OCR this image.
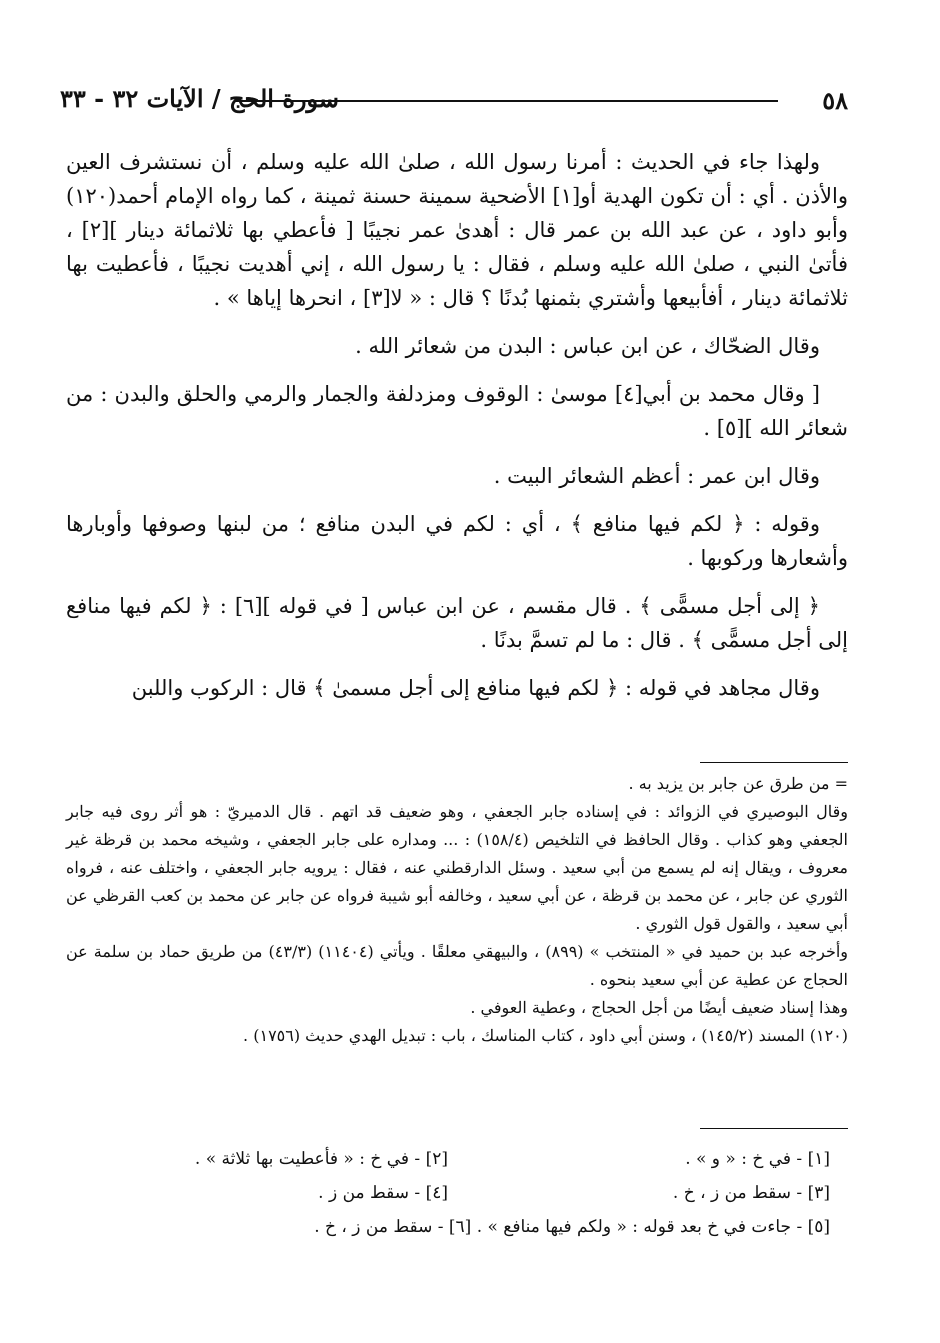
٥٨
سورة الحج / الآيات ٣٢ - ٣٣

ولهذا جاء في الحديث : أمرنا رسول الله ، صلىٰ الله عليه وسلم ، أن نستشرف العين والأذن . أي : أن تكون الهدية أو[١] الأضحية سمينة حسنة ثمينة ، كما رواه الإمام أحمد(١٢٠) وأبو داود ، عن عبد الله بن عمر قال : أهدىٰ عمر نجيبًا [ فأعطي بها ثلاثمائة دينار ][٢] ، فأتىٰ النبي ، صلىٰ الله عليه وسلم ، فقال : يا رسول الله ، إني أهديت نجيبًا ، فأعطيت بها ثلاثمائة دينار ، أفأبيعها وأشتري بثمنها بُدنًا ؟ قال : « لا[٣] ، انحرها إياها » .

وقال الضحّاك ، عن ابن عباس : البدن من شعائر الله .

[ وقال محمد بن أبي[٤] موسىٰ : الوقوف ومزدلفة والجمار والرمي والحلق والبدن : من شعائر الله ][٥] .

وقال ابن عمر : أعظم الشعائر البيت .

وقوله : ﴿ لكم فيها منافع ﴾ ، أي : لكم في البدن منافع ؛ من لبنها وصوفها وأوبارها وأشعارها وركوبها .

﴿ إلى أجل مسمًّى ﴾ . قال مقسم ، عن ابن عباس [ في قوله ][٦] : ﴿ لكم فيها منافع إلى أجل مسمًّى ﴾ . قال : ما لم تسمَّ بدنًا .

وقال مجاهد في قوله : ﴿ لكم فيها منافع إلى أجل مسمىٰ ﴾ قال : الركوب واللبن

= من طرق عن جابر بن يزيد به .

وقال البوصيري في الزوائد : في إسناده جابر الجعفي ، وهو ضعيف قد اتهم . قال الدميريّ : هو أثر روى فيه جابر الجعفي وهو كذاب . وقال الحافظ في التلخيص (١٥٨/٤) : ... ومداره على جابر الجعفي ، وشيخه محمد بن قرظة غير معروف ، ويقال إنه لم يسمع من أبي سعيد . وسئل الدارقطني عنه ، فقال : يرويه جابر الجعفي ، واختلف عنه ، فرواه الثوري عن جابر ، عن محمد بن قرظة ، عن أبي سعيد ، وخالفه أبو شيبة فرواه عن جابر عن محمد بن كعب القرظي عن أبي سعيد ، والقول قول الثوري .

وأخرجه عبد بن حميد في « المنتخب » (٨٩٩) ، والبيهقي معلقًا . ويأتي (١١٤٠٤) (٤٣/٣) من طريق حماد بن سلمة عن الحجاج عن عطية عن أبي سعيد بنحوه .

وهذا إسناد ضعيف أيضًا من أجل الحجاج ، وعطية العوفي .

(١٢٠) المسند (١٤٥/٢) ، وسنن أبي داود ، كتاب المناسك ، باب : تبديل الهدي حديث (١٧٥٦) .

[١] - في خ : « و » .
[٢] - في خ : « فأعطيت بها ثلاثة » .
[٣] - سقط من ز ، خ .
[٤] - سقط من ز .
[٥] - جاءت في خ بعد قوله : « ولكم فيها منافع » . [٦] - سقط من ز ، خ .
